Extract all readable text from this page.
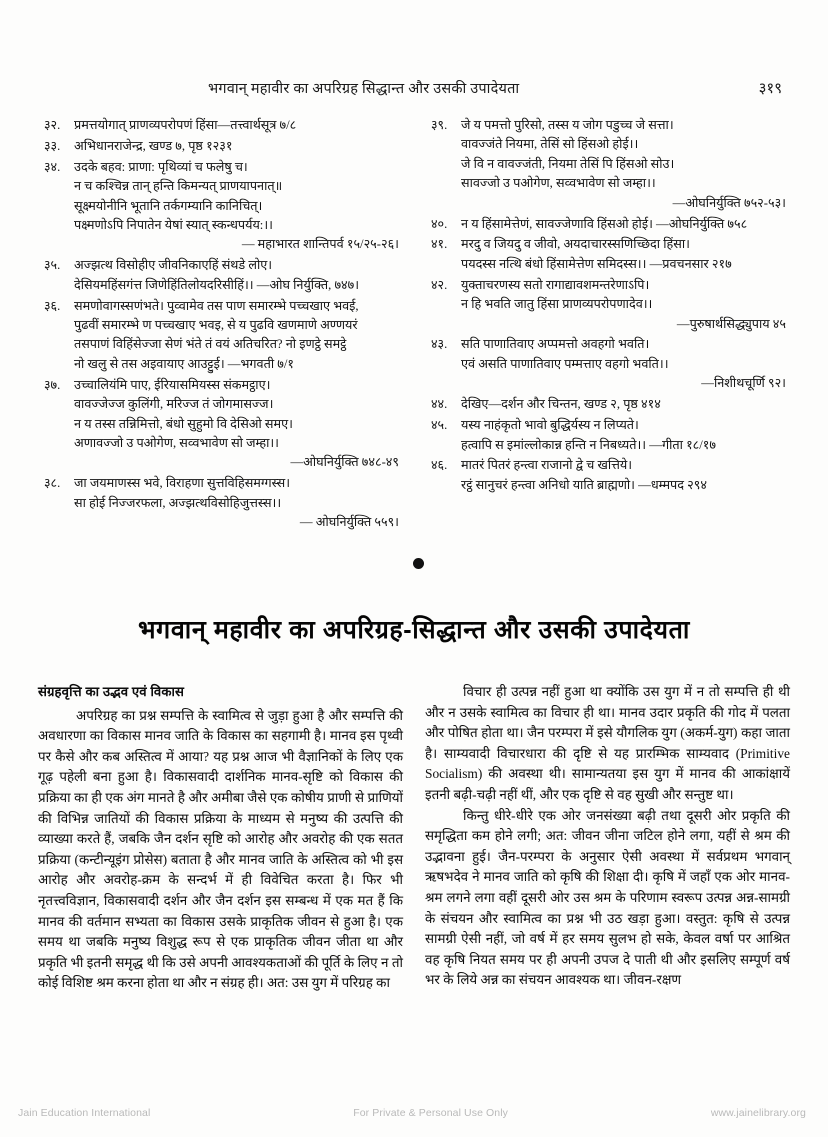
भगवान् महावीर का अपरिग्रह सिद्धान्त और उसकी उपादेयता	३१९
३२.	प्रमत्तयोगात् प्राणव्यपरोपणं हिंसा—तत्त्वार्थसूत्र ७/८
३३.	अभिधानराजेन्द्र, खण्ड ७, पृष्ठ १२३१
३४.	उदके बहव: प्राणा: पृथिव्यां च फलेषु च।
न च कश्चिन्न तान् हन्ति किमन्यत् प्राणयापनात्॥
सूक्ष्मयोनीनि भूतानि तर्कगम्यानि कानिचित्।
पक्ष्मणोऽपि निपातेन येषां स्यात् स्कन्धपर्यय:।।
— महाभारत शान्तिपर्व १५/२५-२६।
३५.	अज्झत्थ विसोहीए जीवनिकाएहिं संथडे लोए।
देसियमहिंसगंत्त जिणेहिंतिलोयदरिसीहिं।। —ओघ निर्युक्ति, ७४७।
३६.	समणोवागस्सणंभते। पुव्वामेव तस पाण समारम्भे पच्चखाए भवई,
पुढवीं समारम्भे ण पच्चखाए भवइ, से य पुढवि खणमाणे अण्णयरं
तसपाणं विहिंसेज्जा सेणं भंते तं वयं अतिचरित? नो इणट्ठे समट्ठे
नो खलु से तस अइवायाए आउट्टुई। —भगवती ७/१
३७.	उच्चालियंमि पाए, ईरियासमियस्स संकमट्ठाए।
वावज्जेज्ज कुलिंगी, मरिज्ज तं जोगमासज्ज।
न य तस्स तन्निमित्तो, बंधो सुहुमो वि देसिओ समए।
अणावज्जो उ पओगेण, सव्वभावेण सो जम्हा।।
—ओघनिर्युक्ति ७४८-४९
३८.	जा जयमाणस्स भवे, विराहणा सुत्तविहिसमग्गस्स।
सा होई निज्जरफला, अज्झत्थविसोहिजुत्तस्स।।
— ओघनिर्युक्ति ५५९।
३९.	जे य पमत्तो पुरिसो, तस्स य जोग पडुच्च जे सत्ता।
वावज्जंते नियमा, तेसिं सो हिंसओ होई।।
जे वि न वावज्जंती, नियमा तेसिं पि हिंसओ सोउ।
सावज्जो उ पओगेण, सव्वभावेण सो जम्हा।।
—ओघनिर्युक्ति ७५२-५३।
४०.	न य हिंसामेत्तेणं, सावज्जेणावि हिंसओ होई। —ओघनिर्युक्ति ७५८
४१.	मरदु व जियदु व जीवो, अयदाचारस्सणिच्छिदा हिंसा।
पयदस्स नत्थि बंधो हिंसामेत्तेण समिदस्स।। —प्रवचनसार २१७
४२.	युक्ताचरणस्य सतो रागाद्यावशमन्तरेणाऽपि।
न हि भवति जातु हिंसा प्राणव्यपरोपणादेव।।
—पुरुषार्थसिद्ध्युपाय ४५
४३.	सति पाणातिवाए अप्पमत्तो अवहगो भवति।
एवं असति पाणातिवाए पम्मत्ताए वहगो भवति।।
—निशीथचूर्णि ९२।
४४.	देखिए—दर्शन और चिन्तन, खण्ड २, पृष्ठ ४१४
४५.	यस्य नाहंकृतो भावो बुद्धिर्यस्य न लिप्यते।
हत्वापि स इमांल्लोकान्न हन्ति न निबध्यते।। —गीता १८/१७
४६.	मातरं पितरं हन्त्वा राजानो द्वे च खत्तिये।
रट्ठं सानुचरं हन्त्वा अनिधो याति ब्राह्मणो। —धम्मपद २९४
भगवान् महावीर का अपरिग्रह-सिद्धान्त और उसकी उपादेयता
संग्रहवृत्ति का उद्भव एवं विकास

अपरिग्रह का प्रश्न सम्पत्ति के स्वामित्व से जुड़ा हुआ है और सम्पत्ति की अवधारणा का विकास मानव जाति के विकास का सहगामी है। मानव इस पृथ्वी पर कैसे और कब अस्तित्व में आया? यह प्रश्न आज भी वैज्ञानिकों के लिए एक गूढ़ पहेली बना हुआ है। विकासवादी दार्शनिक मानव-सृष्टि को विकास की प्रक्रिया का ही एक अंग मानते है और अमीबा जैसे एक कोषीय प्राणी से प्राणियों की विभिन्न जातियों की विकास प्रक्रिया के माध्यम से मनुष्य की उत्पत्ति की व्याख्या करते हैं, जबकि जैन दर्शन सृष्टि को आरोह और अवरोह की एक सतत प्रक्रिया (कन्टीन्यूइंग प्रोसेस) बताता है और मानव जाति के अस्तित्व को भी इस आरोह और अवरोह-क्रम के सन्दर्भ में ही विवेचित करता है। फिर भी नृतत्त्वविज्ञान, विकासवादी दर्शन और जैन दर्शन इस सम्बन्ध में एक मत हैं कि मानव की वर्तमान सभ्यता का विकास उसके प्राकृतिक जीवन से हुआ है। एक समय था जबकि मनुष्य विशुद्ध रूप से एक प्राकृतिक जीवन जीता था और प्रकृति भी इतनी समृद्ध थी कि उसे अपनी आवश्यकताओं की पूर्ति के लिए न तो कोई विशिष्ट श्रम करना होता था और न संग्रह ही। अत: उस युग में परिग्रह का

विचार ही उत्पन्न नहीं हुआ था क्योंकि उस युग में न तो सम्पत्ति ही थी और न उसके स्वामित्व का विचार ही था। मानव उदार प्रकृति की गोद में पलता और पोषित होता था। जैन परम्परा में इसे यौगलिक युग (अकर्म-युग) कहा जाता है। साम्यवादी विचारधारा की दृष्टि से यह प्रारम्भिक साम्यवाद (Primitive Socialism) की अवस्था थी। सामान्यतया इस युग में मानव की आकांक्षायें इतनी बढ़ी-चढ़ी नहीं थीं, और एक दृष्टि से वह सुखी और सन्तुष्ट था।

किन्तु धीरे-धीरे एक ओर जनसंख्या बढ़ी तथा दूसरी ओर प्रकृति की समृद्धिता कम होने लगी; अत: जीवन जीना जटिल होने लगा, यहीं से श्रम की उद्भावना हुई। जैन-परम्परा के अनुसार ऐसी अवस्था में सर्वप्रथम भगवान् ऋषभदेव ने मानव जाति को कृषि की शिक्षा दी। कृषि में जहाँ एक ओर मानव-श्रम लगने लगा वहीं दूसरी ओर उस श्रम के परिणाम स्वरूप उत्पन्न अन्न-सामग्री के संचयन और स्वामित्व का प्रश्न भी उठ खड़ा हुआ। वस्तुत: कृषि से उत्पन्न सामग्री ऐसी नहीं, जो वर्ष में हर समय सुलभ हो सके, केवल वर्षा पर आश्रित वह कृषि नियत समय पर ही अपनी उपज दे पाती थी और इसलिए सम्पूर्ण वर्ष भर के लिये अन्न का संचयन आवश्यक था। जीवन-रक्षण

Jain Education International	For Private & Personal Use Only	www.jainelibrary.org
